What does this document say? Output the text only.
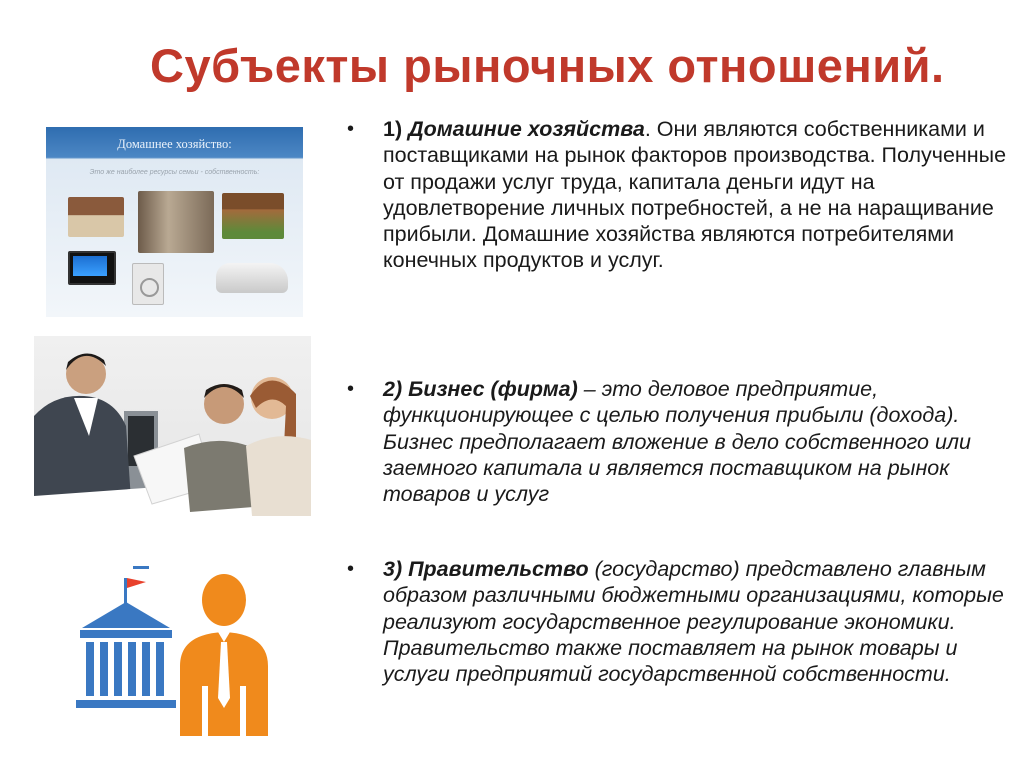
Субъекты рыночных отношений.
Домашнее хозяйство:
Это же наиболее ресурсы семьи - собственность:
• 1) Домашние хозяйства. Они являются собственниками и поставщиками на рынок факторов производства. Полученные от продажи услуг труда, капитала деньги идут на удовлетворение личных потребностей, а не на наращивание прибыли. Домашние хозяйства являются потребителями конечных продуктов и услуг.
• 2) Бизнес (фирма) – это деловое предприятие, функционирующее с целью получения прибыли (дохода). Бизнес предполагает вложение в дело собственного или заемного капитала и является поставщиком на рынок товаров и услуг
• 3) Правительство (государство) представлено главным образом различными бюджетными организациями, которые реализуют государственное регулирование экономики. Правительство также поставляет на рынок товары и услуги предприятий государственной собственности.
